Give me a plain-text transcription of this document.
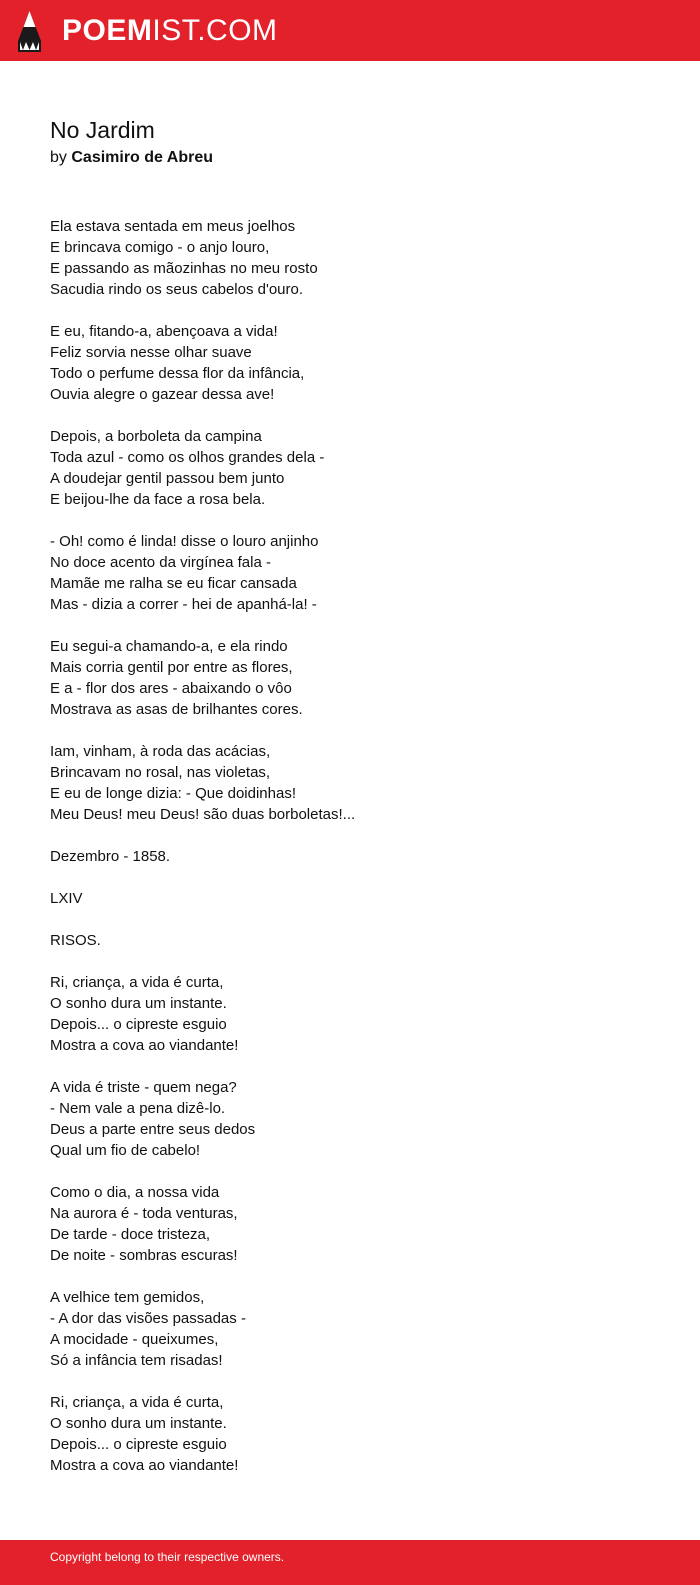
POEMIST.COM
No Jardim
by Casimiro de Abreu
Ela estava sentada em meus joelhos
E brincava comigo - o anjo louro,
E passando as mãozinhas no meu rosto
Sacudia rindo os seus cabelos d'ouro.
E eu, fitando-a, abençoava a vida!
Feliz sorvia nesse olhar suave
Todo o perfume dessa flor da infância,
Ouvia alegre o gazear dessa ave!
Depois, a borboleta da campina
Toda azul - como os olhos grandes dela -
A doudejar gentil passou bem junto
E beijou-lhe da face a rosa bela.
- Oh! como é linda! disse o louro anjinho
No doce acento da virgínea fala -
Mamãe me ralha se eu ficar cansada
Mas - dizia a correr - hei de apanhá-la! -
Eu segui-a chamando-a, e ela rindo
Mais corria gentil por entre as flores,
E a - flor dos ares - abaixando o vôo
Mostrava as asas de brilhantes cores.
Iam, vinham, à roda das acácias,
Brincavam no rosal, nas violetas,
E eu de longe dizia: - Que doidinhas!
Meu Deus! meu Deus! são duas borboletas!...
Dezembro - 1858.
LXIV
RISOS.
Ri, criança, a vida é curta,
O sonho dura um instante.
Depois... o cipreste esguio
Mostra a cova ao viandante!
A vida é triste - quem nega?
- Nem vale a pena dizê-lo.
Deus a parte entre seus dedos
Qual um fio de cabelo!
Como o dia, a nossa vida
Na aurora é - toda venturas,
De tarde - doce tristeza,
De noite - sombras escuras!
A velhice tem gemidos,
- A dor das visões passadas -
A mocidade - queixumes,
Só a infância tem risadas!
Ri, criança, a vida é curta,
O sonho dura um instante.
Depois... o cipreste esguio
Mostra a cova ao viandante!
Copyright belong to their respective owners.
